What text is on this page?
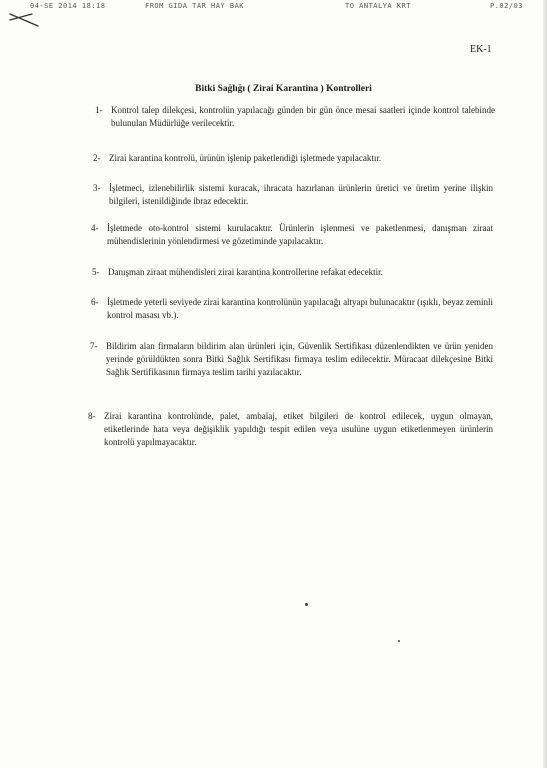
04-SE 2014 18:18	FROM GIDA TAR HAY BAK	TO ANTALYA KRT	P.02/03
EK-1
Bitki Sağlığı ( Zirai Karantina ) Kontrolleri
1- Kontrol talep dilekçesi, kontrolün yapılacağı günden bir gün önce mesai saatleri içinde kontrol talebinde bulunulan Müdürlüğe verilecektir.
2- Zirai karantina kontrolü, ürünün işlenip paketlendiği işletmede yapılacaktır.
3- İşletmeci, izlenebilirlik sistemi kuracak, ihracata hazırlanan ürünlerin üretici ve üretim yerine ilişkin bilgileri, istenildiğinde ibraz edecektir.
4- İşletmede oto-kontrol sistemi kurulacaktır. Ürünlerin işlenmesi ve paketlenmesi, danışman ziraat mühendislerinin yönlendirmesi ve gözetiminde yapılacaktır.
5- Danışman ziraat mühendisleri zirai karantina kontrollerine refakat edecektir.
6- İşletmede yeterli seviyede zirai karantina kontrolünün yapılacağı altyapı bulunacaktır (ışıklı, beyaz zeminli kontrol masası vb.).
7- Bildirim alan firmaların bildirim alan ürünleri için, Güvenlik Sertifikası düzenlendikten ve ürün yeniden yerinde görüldükten sonra Bitki Sağlık Sertifikası firmaya teslim edilecektir. Müracaat dilekçesine Bitki Sağlık Sertifikasının firmaya teslim tarihi yazılacaktır.
8- Zirai karantina kontrolünde, palet, ambalaj, etiket bilgileri de kontrol edilecek, uygun olmayan, etiketlerinde hata veya değişiklik yapıldığı tespit edilen veya usulüne uygun etiketlenmeyen ürünlerin kontrolü yapılmayacaktır.
